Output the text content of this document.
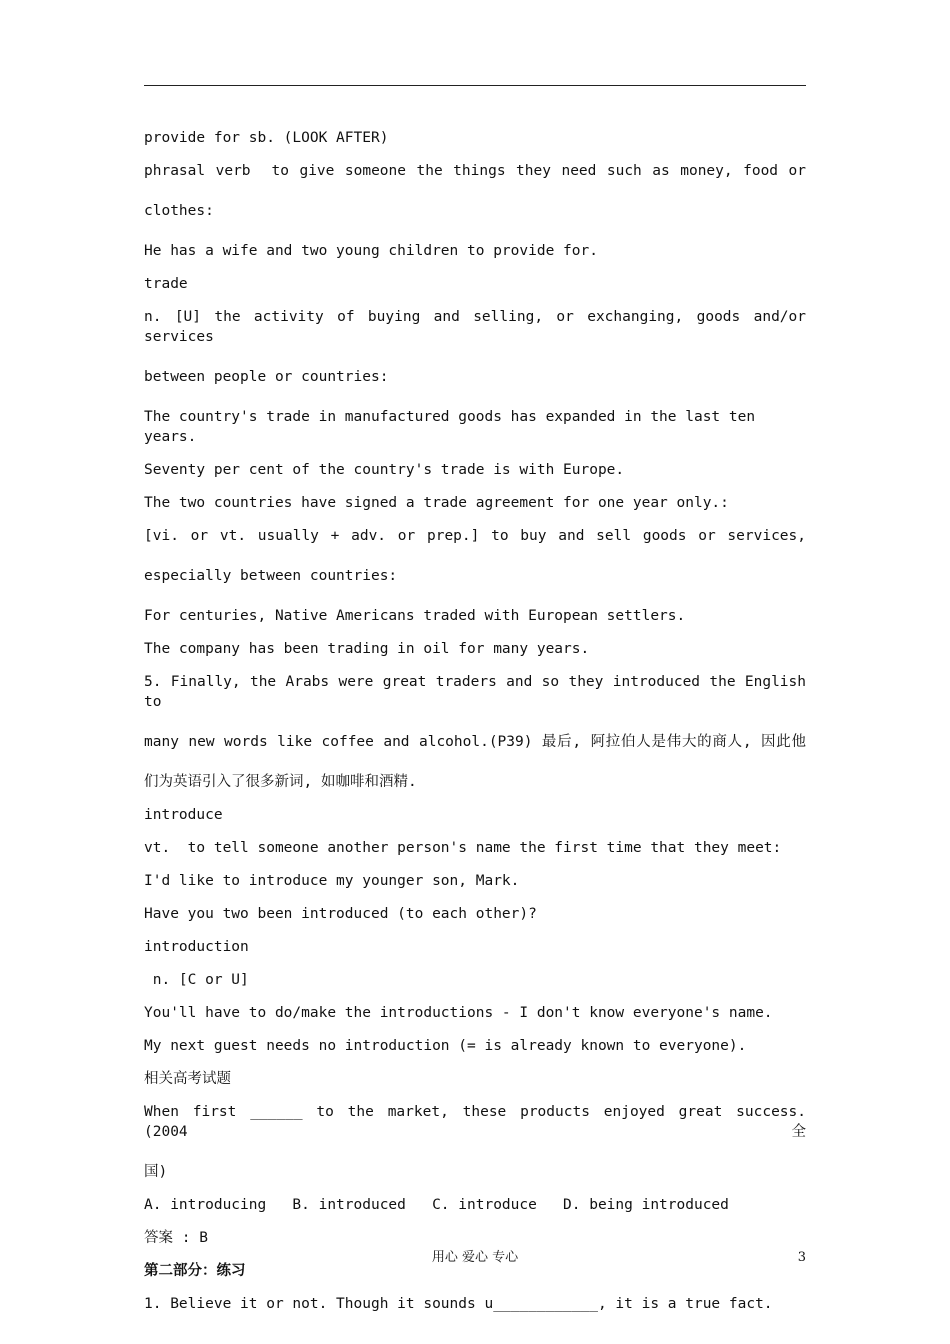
provide for sb. (LOOK AFTER)

phrasal verb  to give someone the things they need such as money, food or

clothes:

He has a wife and two young children to provide for.

trade

n. [U] the activity of buying and selling, or exchanging, goods and/or services

between people or countries:

The country's trade in manufactured goods has expanded in the last ten years.

Seventy per cent of the country's trade is with Europe.

The two countries have signed a trade agreement for one year only.:

[vi. or vt. usually + adv. or prep.] to buy and sell goods or services,

especially between countries:

For centuries, Native Americans traded with European settlers.

The company has been trading in oil for many years.

5. Finally, the Arabs were great traders and so they introduced the English to

many new words like coffee and alcohol.(P39) 最后, 阿拉伯人是伟大的商人, 因此他

们为英语引入了很多新词, 如咖啡和酒精.

introduce

vt.  to tell someone another person's name the first time that they meet:

I'd like to introduce my younger son, Mark.

Have you two been introduced (to each other)?

introduction

n. [C or U]

You'll have to do/make the introductions - I don't know everyone's name.

My next guest needs no introduction (= is already known to everyone).

相关高考试题

When first ______ to the market, these products enjoyed great success. (2004全

国)

A. introducing   B. introduced   C. introduce   D. being introduced

答案 : B

第二部分：练习

1. Believe it or not. Though it sounds u____________, it is a true fact.

用心 爱心 专心	3
